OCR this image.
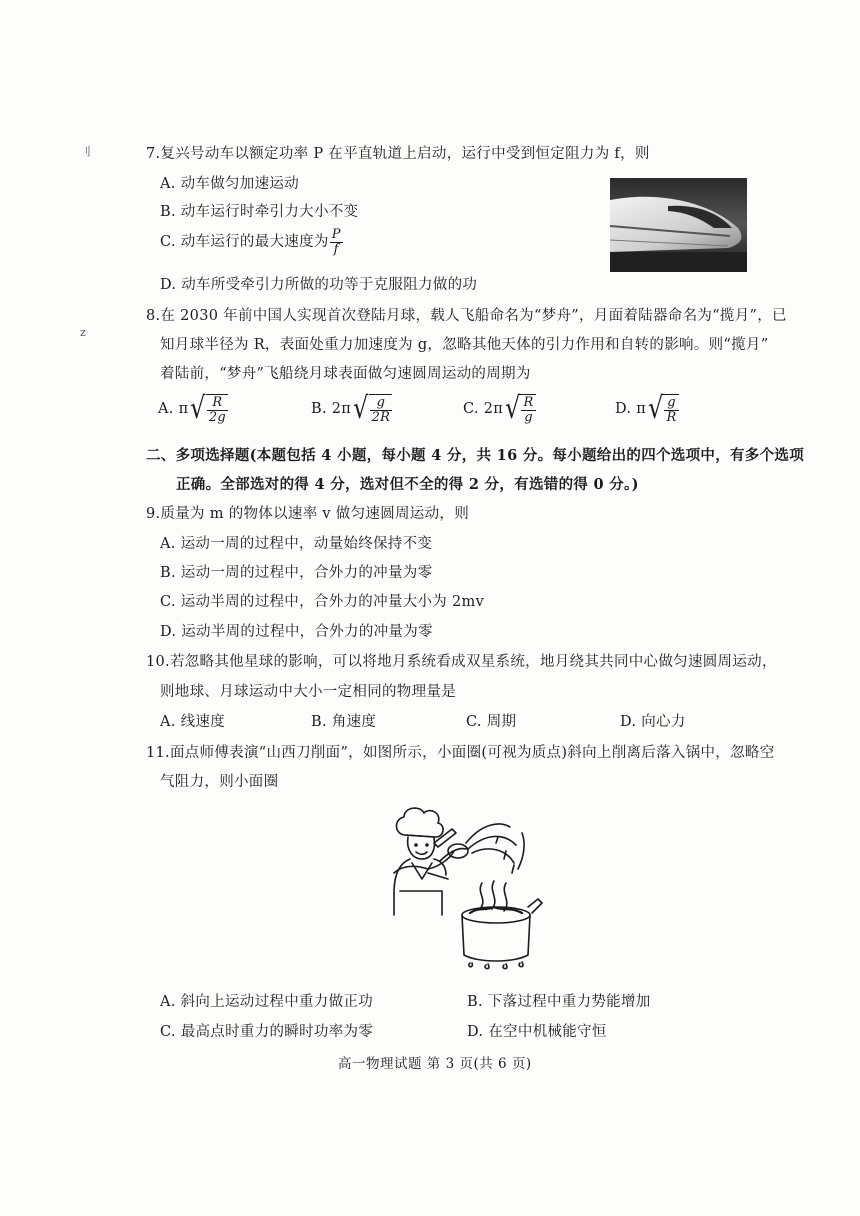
刂
z
7.复兴号动车以额定功率 P 在平直轨道上启动，运行中受到恒定阻力为 f，则
A. 动车做匀加速运动
B. 动车运行时牵引力大小不变
C. 动车运行的最大速度为 $\frac{P}{f}$
D. 动车所受牵引力所做的功等于克服阻力做的功
8.在 2030 年前中国人实现首次登陆月球，载人飞船命名为“梦舟”，月面着陆器命名为“揽月”，已
知月球半径为 R，表面处重力加速度为 g，忽略其他天体的引力作用和自转的影响。则“揽月”
着陆前，“梦舟”飞船绕月球表面做匀速圆周运动的周期为
A. π √ $\frac{R}{2g}$	B. 2π √ $\frac{g}{2R}$	C. 2π √ $\frac{R}{g}$	D. π √ $\frac{g}{R}$
二、多项选择题(本题包括 4 小题，每小题 4 分，共 16 分。每小题给出的四个选项中，有多个选项
正确。全部选对的得 4 分，选对但不全的得 2 分，有选错的得 0 分。)
9.质量为 m 的物体以速率 v 做匀速圆周运动，则
A. 运动一周的过程中，动量始终保持不变
B. 运动一周的过程中，合外力的冲量为零
C. 运动半周的过程中，合外力的冲量大小为 2mv
D. 运动半周的过程中，合外力的冲量为零
10.若忽略其他星球的影响，可以将地月系统看成双星系统，地月绕其共同中心做匀速圆周运动，
则地球、月球运动中大小一定相同的物理量是
A. 线速度	B. 角速度	C. 周期	D. 向心力
11.面点师傅表演“山西刀削面”，如图所示，小面圈(可视为质点)斜向上削离后落入锅中，忽略空
气阻力，则小面圈
A. 斜向上运动过程中重力做正功	B. 下落过程中重力势能增加
C. 最高点时重力的瞬时功率为零	D. 在空中机械能守恒
高一物理试题 第 3 页(共 6 页)
